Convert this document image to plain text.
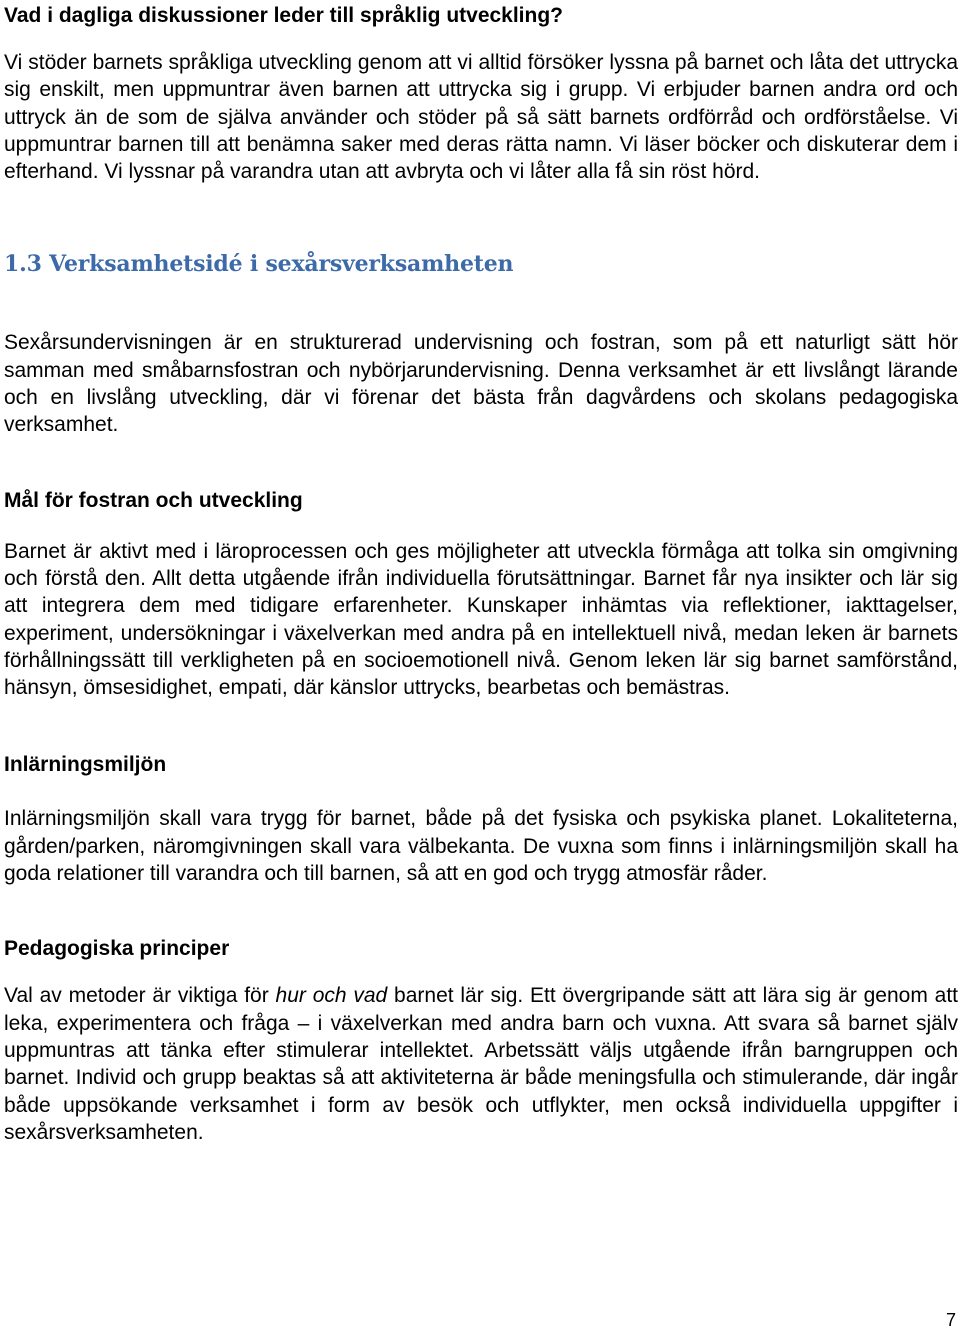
Vad i dagliga diskussioner leder till språklig utveckling?

Vi stöder barnets språkliga utveckling genom att vi alltid försöker lyssna på barnet och låta det uttrycka sig enskilt, men uppmuntrar även barnen att uttrycka sig i grupp. Vi erbjuder barnen andra ord och uttryck än de som de själva använder och stöder på så sätt barnets ordförråd och ordförståelse. Vi uppmuntrar barnen till att benämna saker med deras rätta namn. Vi läser böcker och diskuterar dem i efterhand. Vi lyssnar på varandra utan att avbryta och vi låter alla få sin röst hörd.

1.3 Verksamhetsidé i sexårsverksamheten

Sexårsundervisningen är en strukturerad undervisning och fostran, som på ett naturligt sätt hör samman med småbarnsfostran och nybörjarundervisning. Denna verksamhet är ett livslångt lärande och en livslång utveckling, där vi förenar det bästa från dagvårdens och skolans pedagogiska verksamhet.

Mål för fostran och utveckling

Barnet är aktivt med i läroprocessen och ges möjligheter att utveckla förmåga att tolka sin omgivning och förstå den. Allt detta utgående ifrån individuella förutsättningar. Barnet får nya insikter och lär sig att integrera dem med tidigare erfarenheter. Kunskaper inhämtas via reflektioner, iakttagelser, experiment, undersökningar i växelverkan med andra på en intellektuell nivå, medan leken är barnets förhållningssätt till verkligheten på en socioemotionell nivå. Genom leken lär sig barnet samförstånd, hänsyn, ömsesidighet, empati, där känslor uttrycks, bearbetas och bemästras.

Inlärningsmiljön

Inlärningsmiljön skall vara trygg för barnet, både på det fysiska och psykiska planet. Lokaliteterna, gården/parken, näromgivningen skall vara välbekanta. De vuxna som finns i inlärningsmiljön skall ha goda relationer till varandra och till barnen, så att en god och trygg atmosfär råder.

Pedagogiska principer

Val av metoder är viktiga för hur och vad barnet lär sig. Ett övergripande sätt att lära sig är genom att leka, experimentera och fråga – i växelverkan med andra barn och vuxna. Att svara så barnet själv uppmuntras att tänka efter stimulerar intellektet. Arbetssätt väljs utgående ifrån barngruppen och barnet. Individ och grupp beaktas så att aktiviteterna är både meningsfulla och stimulerande, där ingår både uppsökande verksamhet i form av besök och utflykter, men också individuella uppgifter i sexårsverksamheten.

7
